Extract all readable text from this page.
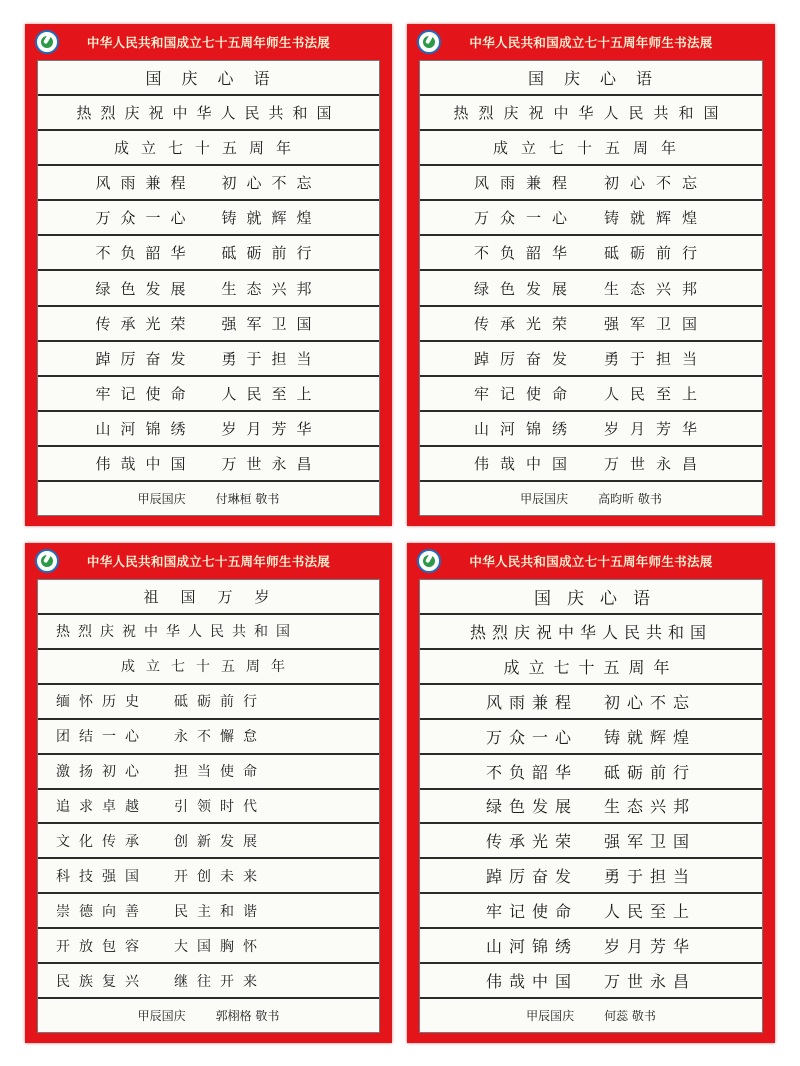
中华人民共和国成立七十五周年师生书法展
国庆心语
热烈庆祝中华人民共和国
成立七十五周年
风雨兼程 初心不忘
万众一心 铸就辉煌
不负韶华 砥砺前行
绿色发展 生态兴邦
传承光荣 强军卫国
踔厉奋发 勇于担当
牢记使命 人民至上
山河锦绣 岁月芳华
伟哉中国 万世永昌
甲辰国庆	付琳桓 敬书
中华人民共和国成立七十五周年师生书法展
国庆心语
热烈庆祝中华人民共和国
成立七十五周年
风雨兼程 初心不忘
万众一心 铸就辉煌
不负韶华 砥砺前行
绿色发展 生态兴邦
传承光荣 强军卫国
踔厉奋发 勇于担当
牢记使命 人民至上
山河锦绣 岁月芳华
伟哉中国 万世永昌
甲辰国庆	高昀昕 敬书
中华人民共和国成立七十五周年师生书法展
祖国万岁
热烈庆祝中华人民共和国
成立七十五周年
缅怀历史 砥砺前行
团结一心 永不懈怠
激扬初心 担当使命
追求卓越 引领时代
文化传承 创新发展
科技强国 开创未来
崇德向善 民主和谐
开放包容 大国胸怀
民族复兴 继往开来
甲辰国庆	郭栩格 敬书
中华人民共和国成立七十五周年师生书法展
国庆心语
热烈庆祝中华人民共和国
成立七十五周年
风雨兼程 初心不忘
万众一心 铸就辉煌
不负韶华 砥砺前行
绿色发展 生态兴邦
传承光荣 强军卫国
踔厉奋发 勇于担当
牢记使命 人民至上
山河锦绣 岁月芳华
伟哉中国 万世永昌
甲辰国庆	何蕊 敬书
